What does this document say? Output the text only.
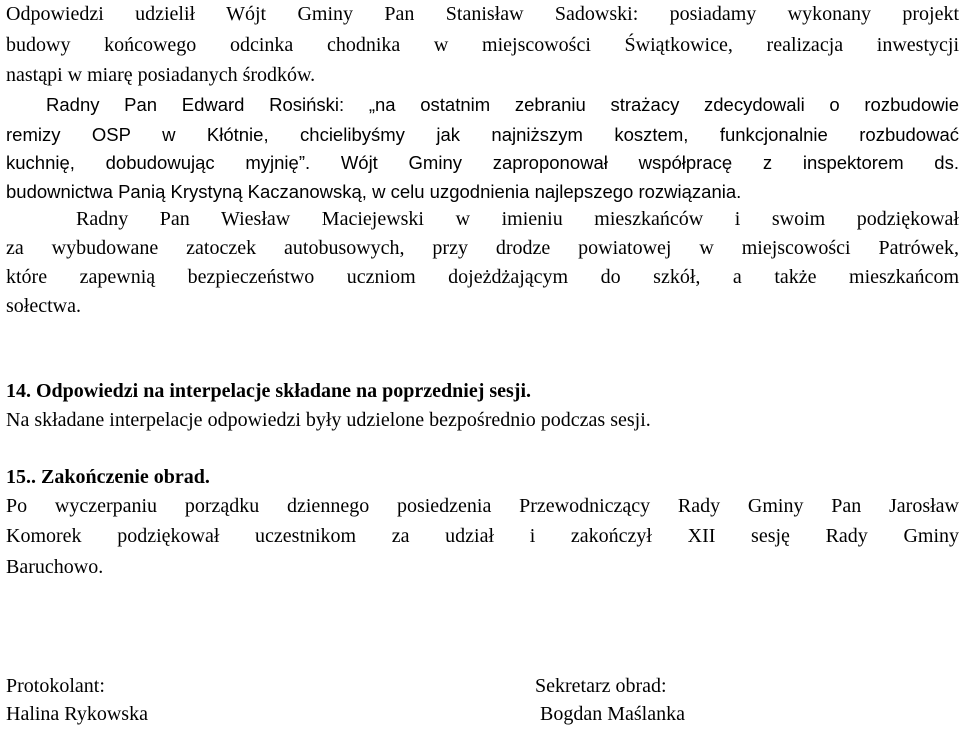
Odpowiedzi udzielił Wójt Gminy Pan Stanisław Sadowski: posiadamy wykonany projekt

budowy końcowego odcinka chodnika w miejscowości Świątkowice, realizacja inwestycji

nastąpi w miarę posiadanych środków.

Radny Pan Edward Rosiński: „na ostatnim zebraniu strażacy zdecydowali o rozbudowie

remizy OSP w Kłótnie, chcielibyśmy jak najniższym kosztem, funkcjonalnie rozbudować

kuchnię, dobudowując myjnię”. Wójt Gminy zaproponował współpracę z inspektorem ds.

budownictwa Panią Krystyną Kaczanowską, w celu uzgodnienia najlepszego rozwiązania.

Radny Pan Wiesław Maciejewski w imieniu mieszkańców i swoim podziękował

za wybudowane zatoczek autobusowych, przy drodze powiatowej w miejscowości Patrówek,

które zapewnią bezpieczeństwo uczniom dojeżdżającym do szkół, a także mieszkańcom

sołectwa.

14. Odpowiedzi na interpelacje składane na poprzedniej sesji.

Na składane interpelacje odpowiedzi były udzielone bezpośrednio podczas sesji.

15.. Zakończenie obrad.

Po wyczerpaniu porządku dziennego posiedzenia Przewodniczący Rady Gminy Pan Jarosław

Komorek podziękował uczestnikom za udział i zakończył XII sesję Rady Gminy

Baruchowo.

Protokolant:
Halina Rykowska
Sekretarz obrad:
Bogdan Maślanka
